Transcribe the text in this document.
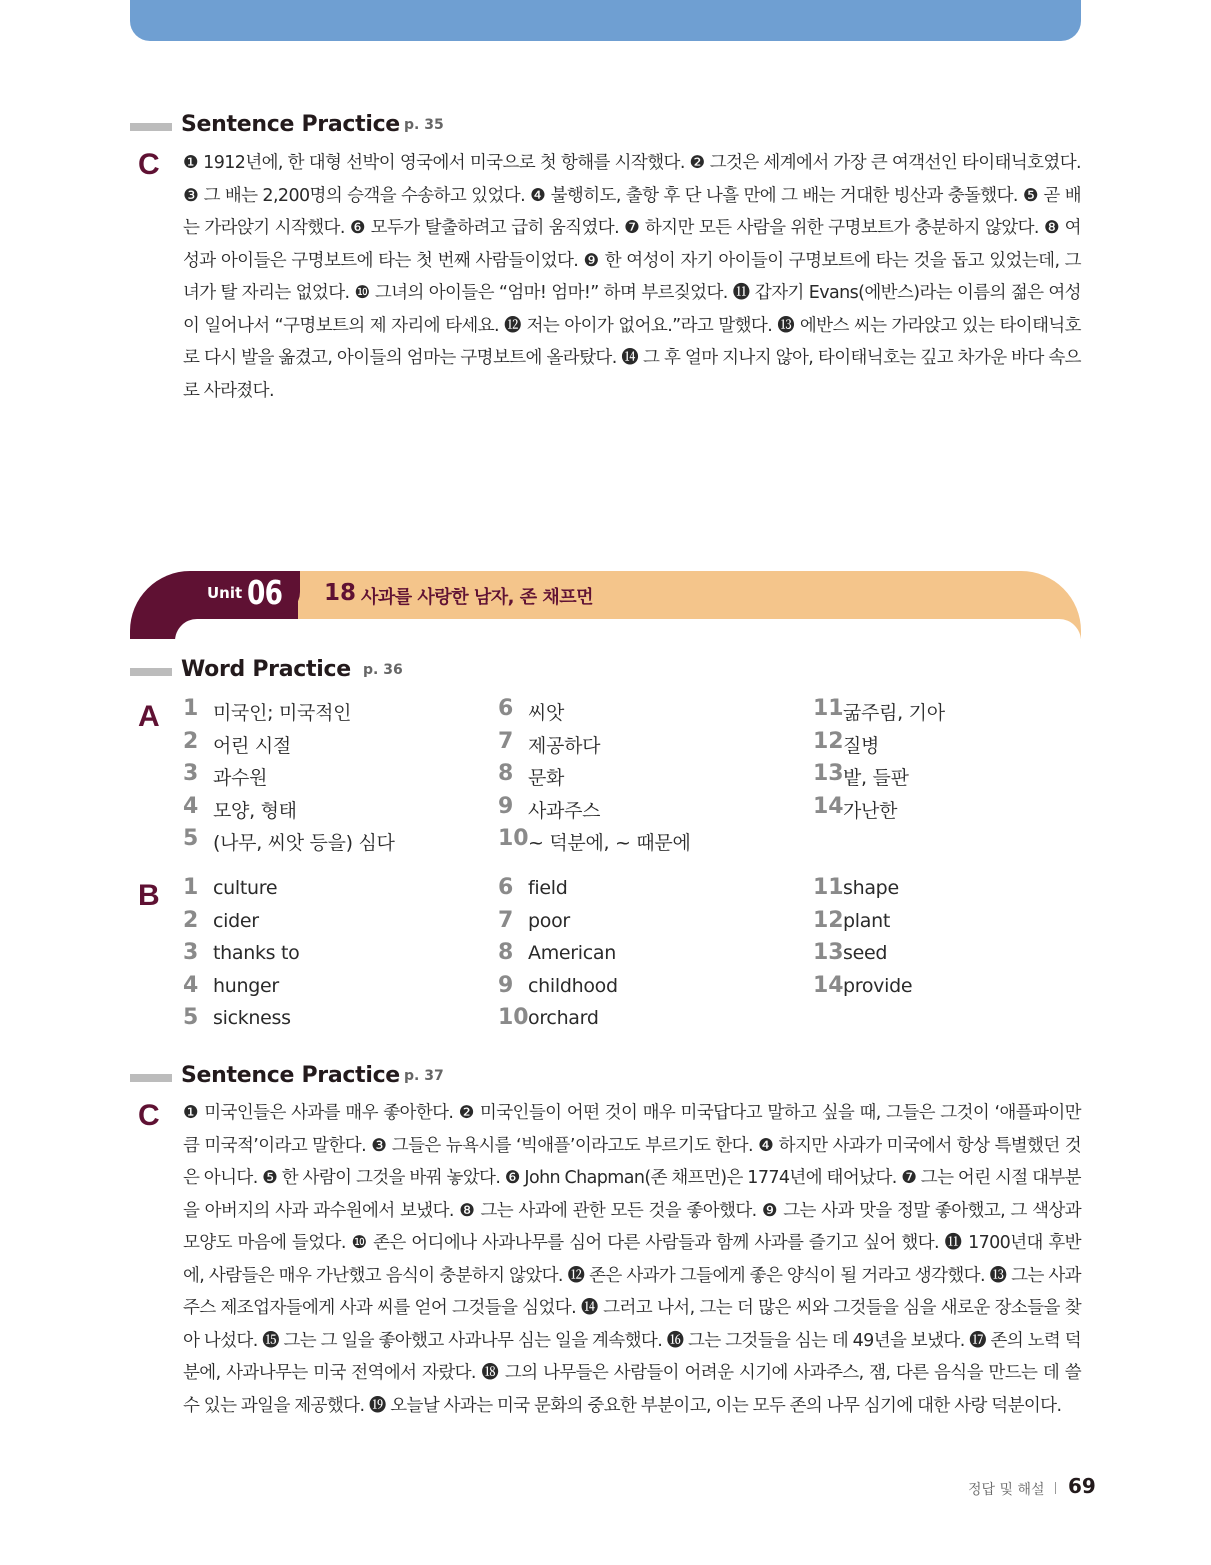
Sentence Practice p. 35
C ❶ 1912년에, 한 대형 선박이 영국에서 미국으로 첫 항해를 시작했다. ❷ 그것은 세계에서 가장 큰 여객선인 타이태닉호였다. ❸ 그 배는 2,200명의 승객을 수송하고 있었다. ❹ 불행히도, 출항 후 단 나흘 만에 그 배는 거대한 빙산과 충돌했다. ❺ 곧 배는 가라앉기 시작했다. ❻ 모두가 탈출하려고 급히 움직였다. ❼ 하지만 모든 사람을 위한 구명보트가 충분하지 않았다. ❽ 여성과 아이들은 구명보트에 타는 첫 번째 사람들이었다. ❾ 한 여성이 자기 아이들이 구명보트에 타는 것을 돕고 있었는데, 그녀가 탈 자리는 없었다. ❿ 그녀의 아이들은 “엄마! 엄마!” 하며 부르짖었다. ⓫ 갑자기 Evans(에반스)라는 이름의 젊은 여성이 일어나서 “구명보트의 제 자리에 타세요. ⓬ 저는 아이가 없어요.”라고 말했다. ⓭ 에반스 씨는 가라앉고 있는 타이태닉호로 다시 발을 옮겼고, 아이들의 엄마는 구명보트에 올라탔다. ⓮ 그 후 얼마 지나지 않아, 타이태닉호는 깊고 차가운 바다 속으로 사라졌다.
Unit 06 18 사과를 사랑한 남자, 존 채프먼
Word Practice p. 36
A
B
1 미국인; 미국적인
2 어린 시절
3 과수원
4 모양, 형태
5 (나무, 씨앗 등을) 심다
6 씨앗
7 제공하다
8 문화
9 사과주스
10 ~ 덕분에, ~ 때문에
11 굶주림, 기아
12 질병
13 밭, 들판
14 가난한
1 culture
2 cider
3 thanks to
4 hunger
5 sickness
6 field
7 poor
8 American
9 childhood
10 orchard
11 shape
12 plant
13 seed
14 provide
Sentence Practice p. 37
C ❶ 미국인들은 사과를 매우 좋아한다. ❷ 미국인들이 어떤 것이 매우 미국답다고 말하고 싶을 때, 그들은 그것이 ‘애플파이만큼 미국적’이라고 말한다. ❸ 그들은 뉴욕시를 ‘빅애플’이라고도 부르기도 한다. ❹ 하지만 사과가 미국에서 항상 특별했던 것은 아니다. ❺ 한 사람이 그것을 바꿔 놓았다. ❻ John Chapman(존 채프먼)은 1774년에 태어났다. ❼ 그는 어린 시절 대부분을 아버지의 사과 과수원에서 보냈다. ❽ 그는 사과에 관한 모든 것을 좋아했다. ❾ 그는 사과 맛을 정말 좋아했고, 그 색상과 모양도 마음에 들었다. ❿ 존은 어디에나 사과나무를 심어 다른 사람들과 함께 사과를 즐기고 싶어 했다. ⓫ 1700년대 후반에, 사람들은 매우 가난했고 음식이 충분하지 않았다. ⓬ 존은 사과가 그들에게 좋은 양식이 될 거라고 생각했다. ⓭ 그는 사과주스 제조업자들에게 사과 씨를 얻어 그것들을 심었다. ⓮ 그러고 나서, 그는 더 많은 씨와 그것들을 심을 새로운 장소들을 찾아 나섰다. ⓯ 그는 그 일을 좋아했고 사과나무 심는 일을 계속했다. ⓰ 그는 그것들을 심는 데 49년을 보냈다. ⓱ 존의 노력 덕분에, 사과나무는 미국 전역에서 자랐다. ⓲ 그의 나무들은 사람들이 어려운 시기에 사과주스, 잼, 다른 음식을 만드는 데 쓸 수 있는 과일을 제공했다. ⓳ 오늘날 사과는 미국 문화의 중요한 부분이고, 이는 모두 존의 나무 심기에 대한 사랑 덕분이다.
정답 및 해설 69
